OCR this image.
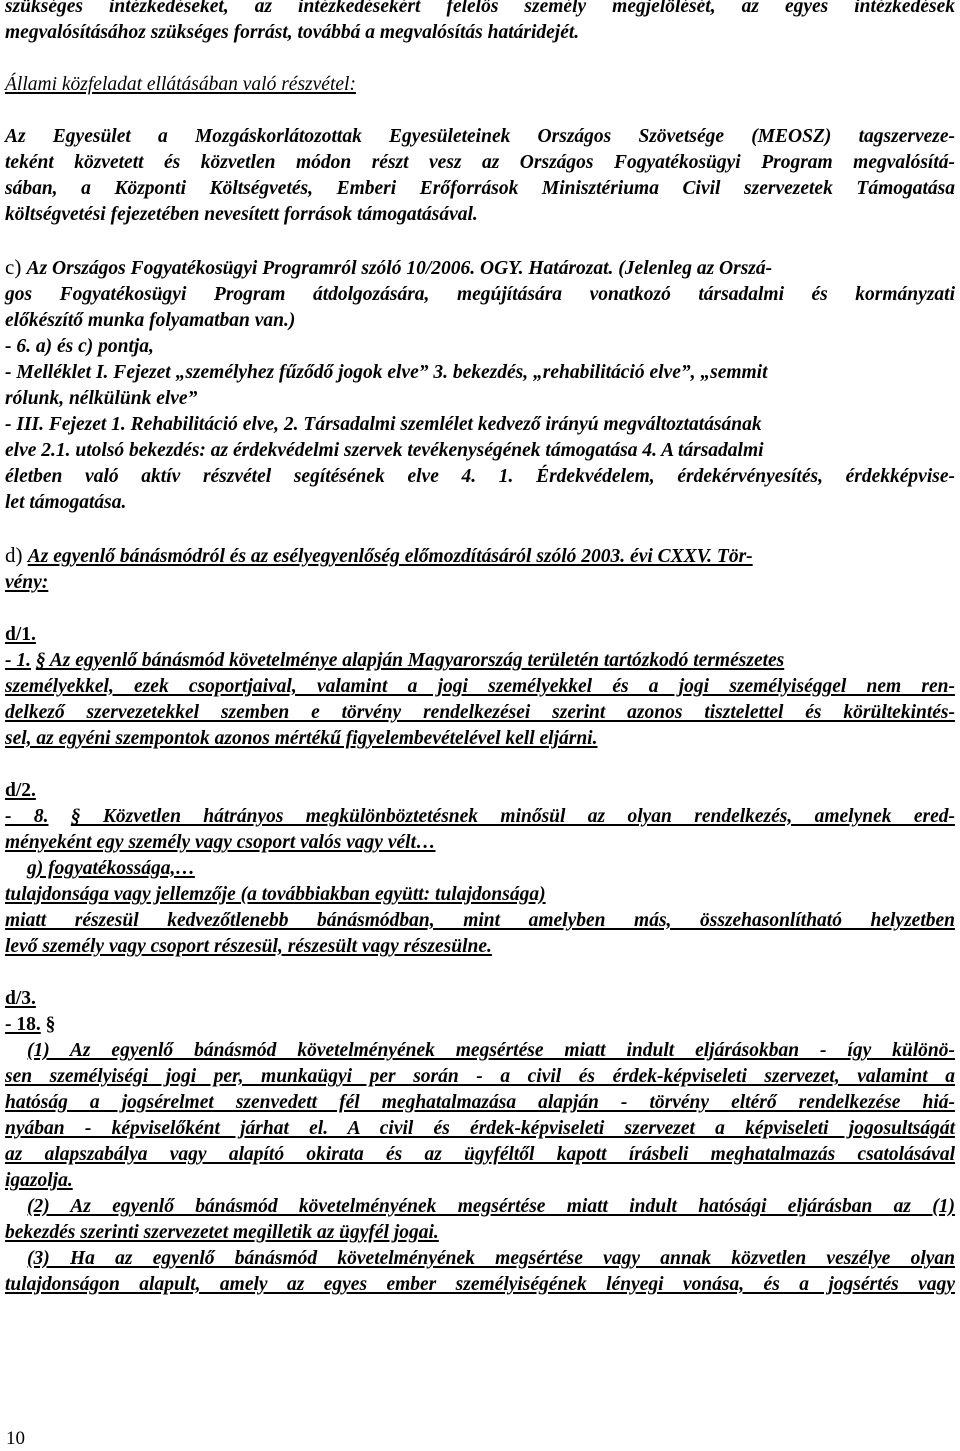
szükséges intézkedéseket, az intézkedésekért felelős személy megjelölését, az egyes intézkedések
megvalósításához szükséges forrást, továbbá a megvalósítás határidejét.
Állami közfeladat ellátásában való részvétel:
Az Egyesület a Mozgáskorlátozottak Egyesületeinek Országos Szövetsége (MEOSZ) tagszerveze-
teként közvetett és közvetlen módon részt vesz az Országos Fogyatékosügyi Program megvalósítá-
sában, a Központi Költségvetés, Emberi Erőforrások Minisztériuma Civil szervezetek Támogatása
költségvetési fejezetében nevesített források támogatásával.
c) Az Országos Fogyatékosügyi Programról szóló 10/2006. OGY. Határozat. (Jelenleg az Orszá-
gos Fogyatékosügyi Program átdolgozására, megújítására vonatkozó társadalmi és kormányzati
előkészítő munka folyamatban van.)
- 6. a) és c) pontja,
- Melléklet I. Fejezet „személyhez fűződő jogok elve” 3. bekezdés, „rehabilitáció elve”, „semmit
rólunk, nélkülünk elve”
- III. Fejezet 1. Rehabilitáció elve, 2. Társadalmi szemlélet kedvező irányú megváltoztatásának
elve 2.1. utolsó bekezdés: az érdekvédelmi szervek tevékenységének támogatása 4. A társadalmi
életben való aktív részvétel segítésének elve 4. 1. Érdekvédelem, érdekérvényesítés, érdekképvise-
let támogatása.
d) Az egyenlő bánásmódról és az esélyegyenlőség előmozdításáról szóló 2003. évi CXXV. Tör-
vény:
d/1.
- 1. § Az egyenlő bánásmód követelménye alapján Magyarország területén tartózkodó természetes
személyekkel, ezek csoportjaival, valamint a jogi személyekkel és a jogi személyiséggel nem ren-
delkező szervezetekkel szemben e törvény rendelkezései szerint azonos tisztelettel és körültekintés-
sel, az egyéni szempontok azonos mértékű figyelembevételével kell eljárni.
d/2.
- 8. § Közvetlen hátrányos megkülönböztetésnek minősül az olyan rendelkezés, amelynek ered-
ményeként egy személy vagy csoport valós vagy vélt…
g) fogyatékossága,…
tulajdonsága vagy jellemzője (a továbbiakban együtt: tulajdonsága)
miatt részesül kedvezőtlenebb bánásmódban, mint amelyben más, összehasonlítható helyzetben
levő személy vagy csoport részesül, részesült vagy részesülne.
d/3.
- 18. §
(1) Az egyenlő bánásmód követelményének megsértése miatt indult eljárásokban - így különö-
sen személyiségi jogi per, munkaügyi per során - a civil és érdek-képviseleti szervezet, valamint a
hatóság a jogsérelmet szenvedett fél meghatalmazása alapján - törvény eltérő rendelkezése hiá-
nyában - képviselőként járhat el. A civil és érdek-képviseleti szervezet a képviseleti jogosultságát
az alapszabálya vagy alapító okirata és az ügyféltől kapott írásbeli meghatalmazás csatolásával
igazolja.
(2) Az egyenlő bánásmód követelményének megsértése miatt indult hatósági eljárásban az (1)
bekezdés szerinti szervezetet megilletik az ügyfél jogai.
(3) Ha az egyenlő bánásmód követelményének megsértése vagy annak közvetlen veszélye olyan
tulajdonságon alapult, amely az egyes ember személyiségének lényegi vonása, és a jogsértés vagy
10
